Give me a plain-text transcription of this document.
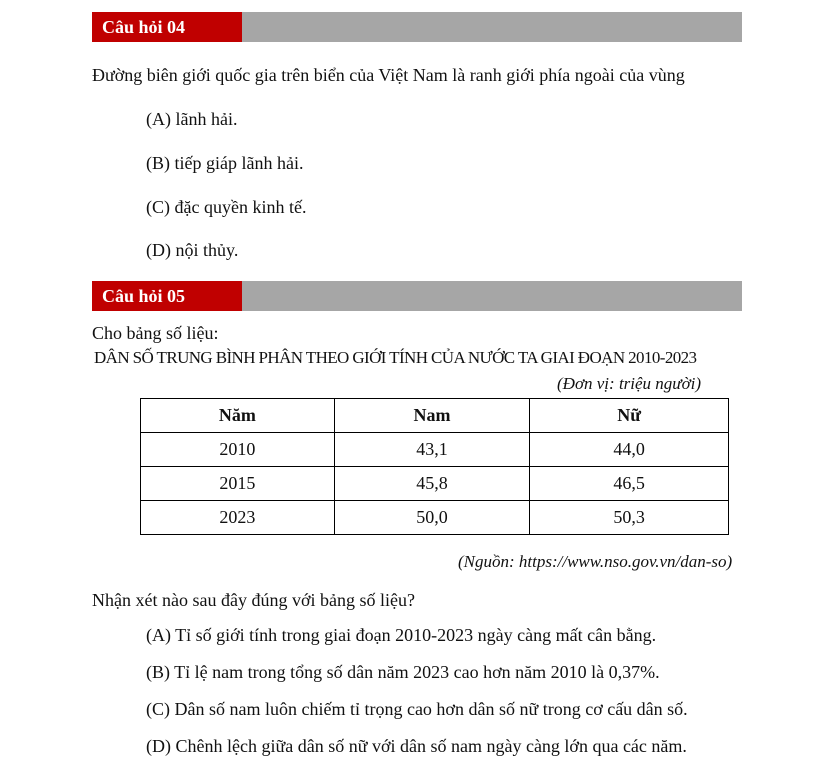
Câu hỏi 04
Đường biên giới quốc gia trên biển của Việt Nam là ranh giới phía ngoài của vùng
(A) lãnh hải.
(B) tiếp giáp lãnh hải.
(C) đặc quyền kinh tế.
(D) nội thủy.
Câu hỏi 05
Cho bảng số liệu:
DÂN SỐ TRUNG BÌNH PHÂN THEO GIỚI TÍNH CỦA NƯỚC TA GIAI ĐOẠN 2010-2023
(Đơn vị: triệu người)
Năm	Nam	Nữ
2010	43,1	44,0
2015	45,8	46,5
2023	50,0	50,3
(Nguồn: https://www.nso.gov.vn/dan-so)
Nhận xét nào sau đây đúng với bảng số liệu?
(A) Tỉ số giới tính trong giai đoạn 2010-2023 ngày càng mất cân bằng.
(B) Tỉ lệ nam trong tổng số dân năm 2023 cao hơn năm 2010 là 0,37%.
(C) Dân số nam luôn chiếm tỉ trọng cao hơn dân số nữ trong cơ cấu dân số.
(D) Chênh lệch giữa dân số nữ với dân số nam ngày càng lớn qua các năm.
